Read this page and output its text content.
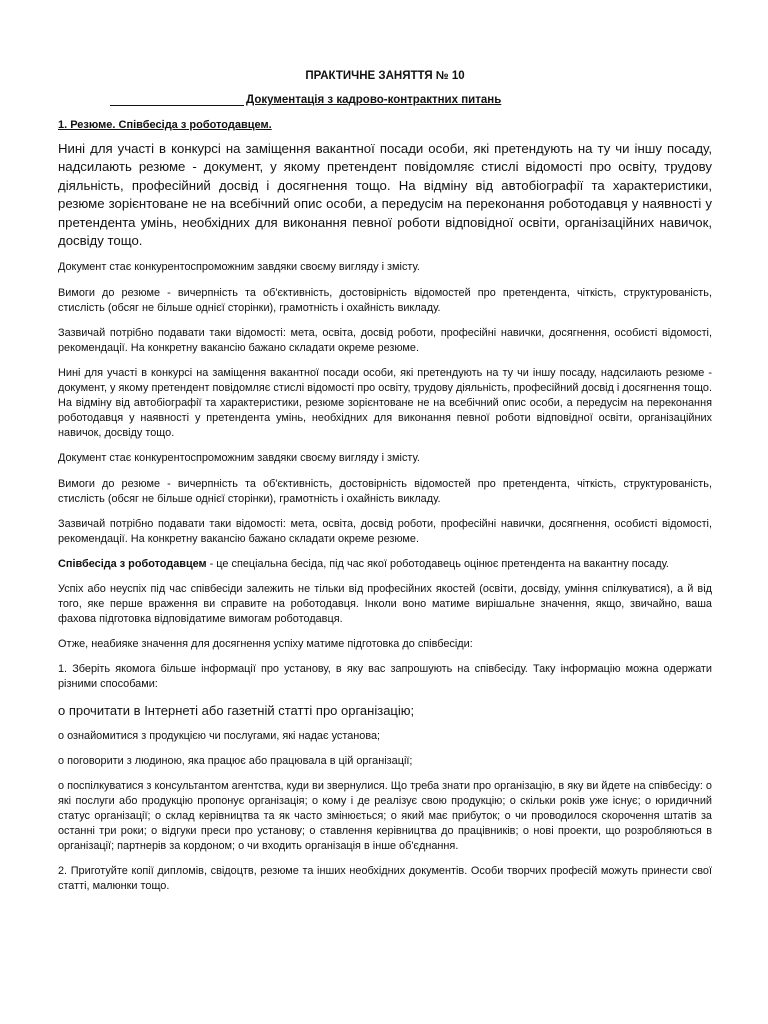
ПРАКТИЧНЕ ЗАНЯТТЯ № 10
Документація з кадрово-контрактних питань
1. Резюме. Співбесіда з роботодавцем.

Нині для участі в конкурсі на заміщення вакантної посади особи, які претендують на ту чи іншу посаду, надсилають резюме - документ, у якому претендент повідомляє стислі відомості про освіту, трудову діяльність, професійний досвід і досягнення тощо. На відміну від автобіографії та характеристики, резюме зорієнтоване не на всебічний опис особи, а передусім на переконання роботодавця у наявності у претендента умінь, необхідних для виконання певної роботи відповідної освіти, організаційних навичок, досвіду тощо.

Документ стає конкурентоспроможним завдяки своєму вигляду і змісту.

Вимоги до резюме - вичерпність та об'єктивність, достовірність відомостей про претендента, чіткість, структурованість, стислість (обсяг не більше однієї сторінки), грамотність і охайність викладу.

Зазвичай потрібно подавати таки відомості: мета, освіта, досвід роботи, професійні навички, досягнення, особисті відомості, рекомендації. На конкретну вакансію бажано складати окреме резюме.

Нині для участі в конкурсі на заміщення вакантної посади особи, які претендують на ту чи іншу посаду, надсилають резюме - документ, у якому претендент повідомляє стислі відомості про освіту, трудову діяльність, професійний досвід і досягнення тощо. На відміну від автобіографії та характеристики, резюме зорієнтоване не на всебічний опис особи, а передусім на переконання роботодавця у наявності у претендента умінь, необхідних для виконання певної роботи відповідної освіти, організаційних навичок, досвіду тощо.

Документ стає конкурентоспроможним завдяки своєму вигляду і змісту.

Вимоги до резюме - вичерпність та об'єктивність, достовірність відомостей про претендента, чіткість, структурованість, стислість (обсяг не більше однієї сторінки), грамотність і охайність викладу.

Зазвичай потрібно подавати таки відомості: мета, освіта, досвід роботи, професійні навички, досягнення, особисті відомості, рекомендації. На конкретну вакансію бажано складати окреме резюме.

Співбесіда з роботодавцем - це спеціальна бесіда, під час якої роботодавець оцінює претендента на вакантну посаду.

Успіх або неуспіх під час співбесіди залежить не тільки від професійних якостей (освіти, досвіду, уміння спілкуватися), а й від того, яке перше враження ви справите на роботодавця. Інколи воно матиме вирішальне значення, якщо, звичайно, ваша фахова підготовка відповідатиме вимогам роботодавця.

Отже, неабияке значення для досягнення успіху матиме підготовка до співбесіди:

1. Зберіть якомога більше інформації про установу, в яку вас запрошують на співбесіду. Таку інформацію можна одержати різними способами:

о прочитати в Інтернеті або газетній статті про організацію;

о ознайомитися з продукцією чи послугами, які надає установа;

о поговорити з людиною, яка працює або працювала в цій організації;

о поспілкуватися з консультантом агентства, куди ви звернулися. Що треба знати про організацію, в яку ви йдете на співбесіду: о які послуги або продукцію пропонує організація; о кому і де реалізує свою продукцію; о скільки років уже існує; о юридичний статус організації; о склад керівництва та як часто змінюється; о який має прибуток; о чи проводилося скорочення штатів за останні три роки; о відгуки преси про установу; о ставлення керівництва до працівників; о нові проекти, що розробляються в організації; партнерів за кордоном; о чи входить організація в інше об'єднання.

2. Приготуйте копії дипломів, свідоцтв, резюме та інших необхідних документів. Особи творчих професій можуть принести свої статті, малюнки тощо.
